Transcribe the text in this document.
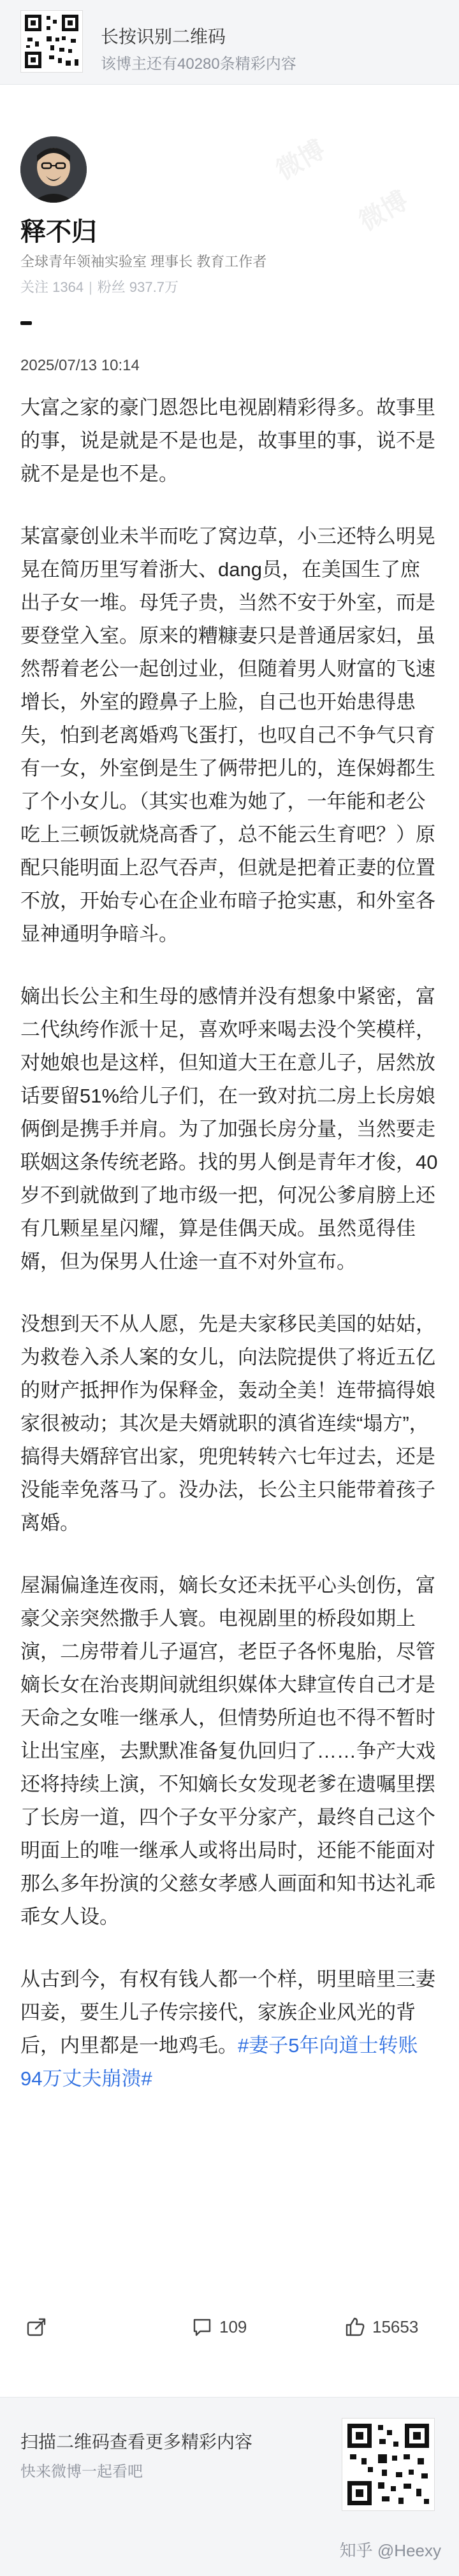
长按识别二维码
该博主还有40280条精彩内容
微博
微博
释不归
全球青年领袖实验室 理事长 教育工作者
关注 1364 | 粉丝 937.7万
2025/07/13 10:14

大富之家的豪门恩怨比电视剧精彩得多。故事里的事，说是就是不是也是，故事里的事，说不是就不是是也不是。

某富豪创业未半而吃了窝边草，小三还特么明晃晃在简历里写着浙大、dang员，在美国生了庶出子女一堆。母凭子贵，当然不安于外室，而是要登堂入室。原来的糟糠妻只是普通居家妇，虽然帮着老公一起创过业，但随着男人财富的飞速增长，外室的蹬鼻子上脸，自己也开始患得患失，怕到老离婚鸡飞蛋打，也叹自己不争气只育有一女，外室倒是生了俩带把儿的，连保姆都生了个小女儿。（其实也难为她了，一年能和老公吃上三顿饭就烧高香了，总不能云生育吧？）原配只能明面上忍气吞声，但就是把着正妻的位置不放，开始专心在企业布暗子抢实惠，和外室各显神通明争暗斗。

嫡出长公主和生母的感情并没有想象中紧密，富二代纨绔作派十足，喜欢呼来喝去没个笑模样，对她娘也是这样，但知道大王在意儿子，居然放话要留51%给儿子们，在一致对抗二房上长房娘俩倒是携手并肩。为了加强长房分量，当然要走联姻这条传统老路。找的男人倒是青年才俊，40岁不到就做到了地市级一把，何况公爹肩膀上还有几颗星星闪耀，算是佳偶天成。虽然觅得佳婿，但为保男人仕途一直不对外宣布。

没想到天不从人愿，先是夫家移民美国的姑姑，为救卷入杀人案的女儿，向法院提供了将近五亿的财产抵押作为保释金，轰动全美！连带搞得娘家很被动；其次是夫婿就职的滇省连续“塌方”，搞得夫婿辞官出家，兜兜转转六七年过去，还是没能幸免落马了。没办法，长公主只能带着孩子离婚。

屋漏偏逢连夜雨，嫡长女还未抚平心头创伤，富豪父亲突然撒手人寰。电视剧里的桥段如期上演，二房带着儿子逼宫，老臣子各怀鬼胎，尽管嫡长女在治丧期间就组织媒体大肆宣传自己才是天命之女唯一继承人，但情势所迫也不得不暂时让出宝座，去默默准备复仇回归了……争产大戏还将持续上演，不知嫡长女发现老爹在遗嘱里摆了长房一道，四个子女平分家产，最终自己这个明面上的唯一继承人或将出局时，还能不能面对那么多年扮演的父慈女孝感人画面和知书达礼乖乖女人设。

从古到今，有权有钱人都一个样，明里暗里三妻四妾，要生儿子传宗接代，家族企业风光的背后，内里都是一地鸡毛。#妻子5年向道士转账94万丈夫崩溃#

109	15653
扫描二维码查看更多精彩内容
快来微博一起看吧
知乎 @Heexy
